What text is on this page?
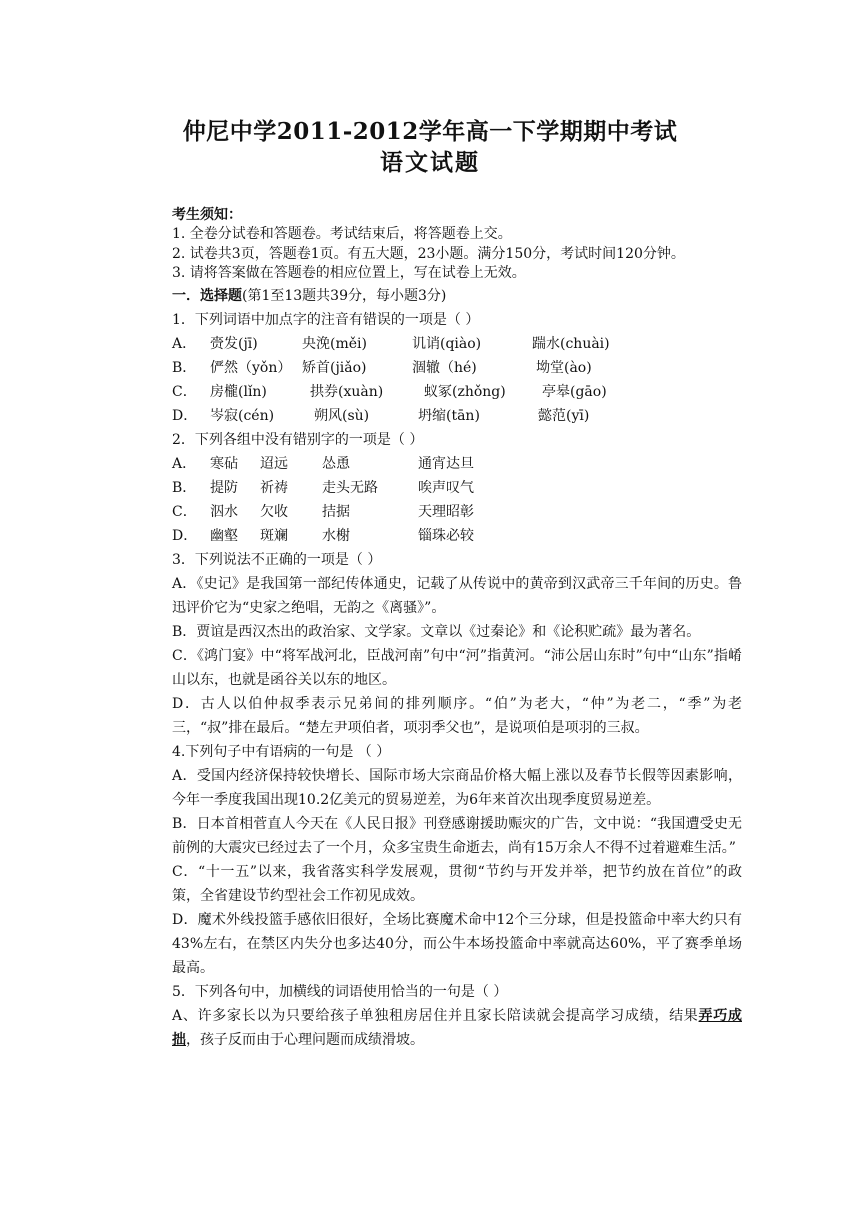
仲尼中学2011-2012学年高一下学期期中考试
语文试题
考生须知：
1. 全卷分试卷和答题卷。考试结束后，将答题卷上交。
2. 试卷共3页，答题卷1页。有五大题，23小题。满分150分，考试时间120分钟。
3. 请将答案做在答题卷的相应位置上，写在试卷上无效。
一．选择题(第1至13题共39分，每小题3分)
1．下列词语中加点字的注音有错误的一项是（ ）
A． 赍发(jī)	央浼(měi)	讥诮(qiào)	踹水(chuài)
B． 俨然（yǒn） 矫首(jiǎo)	涸辙（hé)	坳堂(ào)
C． 房櫳(lǐn)	拱券(xuàn)	蚁冢(zhǒng)	亭皋(gāo)
D． 岑寂(cén)	朔风(sù)	坍缩(tān)	懿范(yī)
2．下列各组中没有错别字的一项是（ ）
A． 寒砧	迢远	怂恿	通宵达旦
B． 提防	祈祷	走头无路	唉声叹气
C． 泅水	欠收	拮据	天理昭彰
D． 幽壑	斑斓	水榭	锱珠必较
3．下列说法不正确的一项是（ ）
A．《史记》是我国第一部纪传体通史，记载了从传说中的黄帝到汉武帝三千年间的历史。鲁迅评价它为“史家之绝唱，无韵之《离骚》”。
B．贾谊是西汉杰出的政治家、文学家。文章以《过秦论》和《论积贮疏》最为著名。
C．《鸿门宴》中“将军战河北，臣战河南”句中“河”指黄河。“沛公居山东时”句中“山东”指崤山以东，也就是函谷关以东的地区。
D．古人以伯仲叔季表示兄弟间的排列顺序。“伯”为老大，“仲”为老二，“季”为老三，“叔”排在最后。“楚左尹项伯者，项羽季父也”，是说项伯是项羽的三叔。
4.下列句子中有语病的一句是 （ ）
A．受国内经济保持较快增长、国际市场大宗商品价格大幅上涨以及春节长假等因素影响，今年一季度我国出现10.2亿美元的贸易逆差，为6年来首次出现季度贸易逆差。
B．日本首相菅直人今天在《人民日报》刊登感谢援助赈灾的广告，文中说：“我国遭受史无前例的大震灾已经过去了一个月，众多宝贵生命逝去，尚有15万余人不得不过着避难生活。”
C．“十一五”以来，我省落实科学发展观，贯彻“节约与开发并举，把节约放在首位”的政策，全省建设节约型社会工作初见成效。
D．魔术外线投篮手感依旧很好，全场比赛魔术命中12个三分球，但是投篮命中率大约只有43%左右，在禁区内失分也多达40分，而公牛本场投篮命中率就高达60%，平了赛季单场最高。
5．下列各句中，加横线的词语使用恰当的一句是（ ）
A、许多家长以为只要给孩子单独租房居住并且家长陪读就会提高学习成绩，结果弄巧成拙，孩子反而由于心理问题而成绩滑坡。
